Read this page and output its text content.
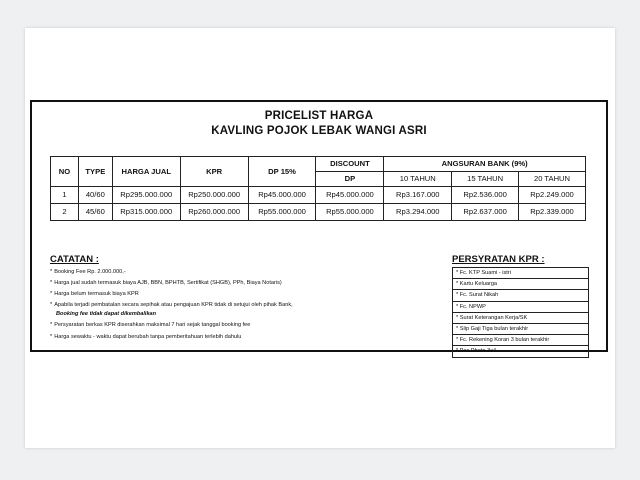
PRICELIST HARGA
KAVLING POJOK LEBAK WANGI ASRI
NO	TYPE	HARGA JUAL	KPR	DP 15%	DISCOUNT	ANGSURAN BANK (9%)		
					DP	10 TAHUN	15 TAHUN	20 TAHUN
1	40/60	Rp295.000.000	Rp250.000.000	Rp45.000.000	Rp45.000.000	Rp3.167.000	Rp2.536.000	Rp2.249.000
2	45/60	Rp315.000.000	Rp260.000.000	Rp55.000.000	Rp55.000.000	Rp3.294.000	Rp2.637.000	Rp2.339.000
CATATAN :
* Booking Fee Rp. 2.000.000,-
* Harga jual sudah termasuk biaya AJB, BBN, BPHTB, Sertifikat (SHGB), PPh, Biaya Notaris)
* Harga belum termasuk biaya KPR
* Apabila terjadi pembatalan secara sepihak atau pengajuan KPR tidak di setujui oleh pihak Bank,
Booking fee tidak dapat dikembalikan
* Persyaratan berkas KPR diserahkan maksimal 7 hari sejak tanggal booking fee
* Harga sewaktu - waktu dapat berubah tanpa pemberitahuan terlebih dahulu
PERSYRATAN KPR :
* Fc. KTP Suami - istri
* Kartu Keluarga
* Fc. Surat Nikah
* Fc. NPWP
* Surat Keterangan Kerja/SK
* Slip Gaji Tiga bulan terakhir
* Fc. Rekening Koran 3 bulan terakhir
* Pas Photo 3x4
